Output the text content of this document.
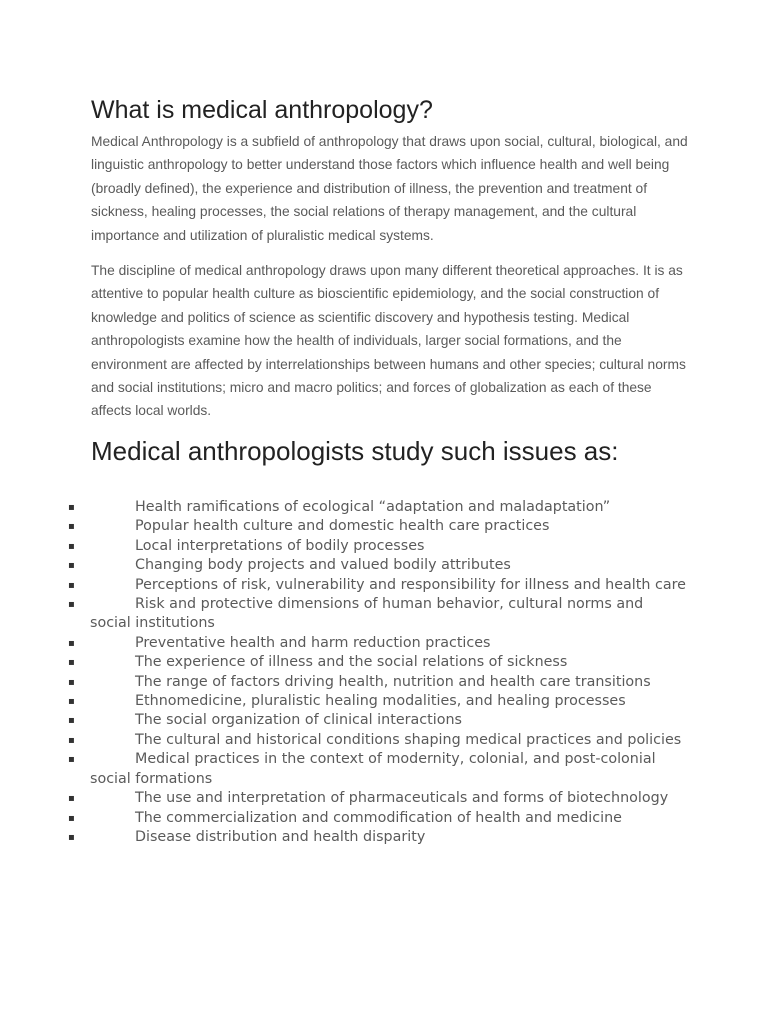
What is medical anthropology?

Medical Anthropology is a subfield of anthropology that draws upon social, cultural, biological, and linguistic anthropology to better understand those factors which influence health and well being (broadly defined), the experience and distribution of illness, the prevention and treatment of sickness, healing processes, the social relations of therapy management, and the cultural importance and utilization of pluralistic medical systems.

The discipline of medical anthropology draws upon many different theoretical approaches. It is as attentive to popular health culture as bioscientific epidemiology, and the social construction of knowledge and politics of science as scientific discovery and hypothesis testing. Medical anthropologists examine how the health of individuals, larger social formations, and the environment are affected by interrelationships between humans and other species; cultural norms and social institutions; micro and macro politics; and forces of globalization as each of these affects local worlds.

Medical anthropologists study such issues as:
▪	Health ramifications of ecological “adaptation and maladaptation”
▪	Popular health culture and domestic health care practices
▪	Local interpretations of bodily processes
▪	Changing body projects and valued bodily attributes
▪	Perceptions of risk, vulnerability and responsibility for illness and health care
▪	Risk and protective dimensions of human behavior, cultural norms and social institutions
▪	Preventative health and harm reduction practices
▪	The experience of illness and the social relations of sickness
▪	The range of factors driving health, nutrition and health care transitions
▪	Ethnomedicine, pluralistic healing modalities, and healing processes
▪	The social organization of clinical interactions
▪	The cultural and historical conditions shaping medical practices and policies
▪	Medical practices in the context of modernity, colonial, and post-colonial social formations
▪	The use and interpretation of pharmaceuticals and forms of biotechnology
▪	The commercialization and commodification of health and medicine
▪	Disease distribution and health disparity
